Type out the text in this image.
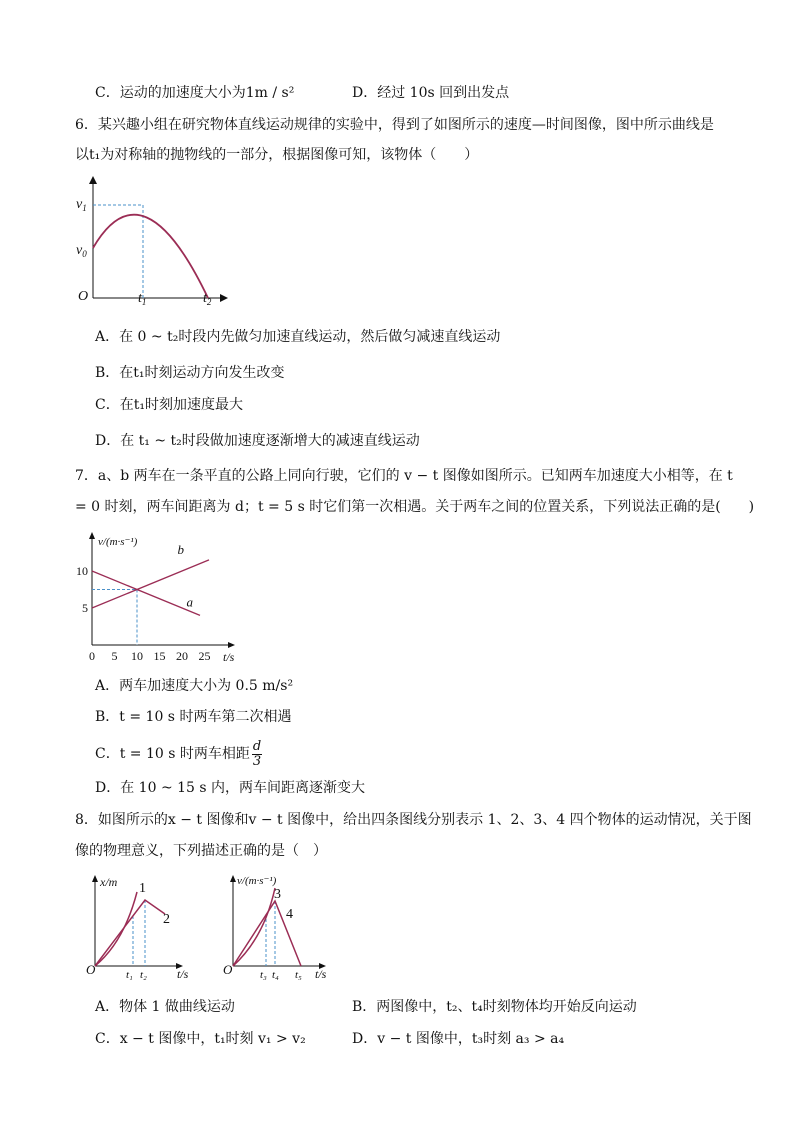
C．运动的加速度大小为1m / s²	D．经过 10s 回到出发点
6．某兴趣小组在研究物体直线运动规律的实验中，得到了如图所示的速度—时间图像，图中所示曲线是
以t₁为对称轴的抛物线的一部分，根据图像可知，该物体（　　）
$v_1$
$v_0$
O	$t_1$	$t_2$
A．在 0 ~ t₂时段内先做匀加速直线运动，然后做匀减速直线运动
B．在t₁时刻运动方向发生改变
C．在t₁时刻加速度最大
D．在 t₁ ~ t₂时段做加速度逐渐增大的减速直线运动
7．a、b 两车在一条平直的公路上同向行驶，它们的 v − t 图像如图所示。已知两车加速度大小相等，在 t
= 0 时刻，两车间距离为 d；t = 5 s 时它们第一次相遇。关于两车之间的位置关系，下列说法正确的是(　　)
v/(m·s⁻¹)
t/s
10
5
0 5 10 15 20 25
b
a
A．两车加速度大小为 0.5 m/s²
B．t = 10 s 时两车第二次相遇
C．t = 10 s 时两车相距 $\frac{d}{3}$
D．在 10 ~ 15 s 内，两车间距离逐渐变大
8．如图所示的x − t 图像和v − t 图像中，给出四条图线分别表示 1、2、3、4 四个物体的运动情况，关于图
像的物理意义，下列描述正确的是（　）
x/m
t/s
O
1
2
t₁ t₂
v/(m·s⁻¹)
t/s
O
3
4
t₃ t₄ t₅
A．物体 1 做曲线运动	B．两图像中，t₂、t₄时刻物体均开始反向运动
C．x − t 图像中，t₁时刻 v₁ > v₂	D．v − t 图像中，t₃时刻 a₃ > a₄
